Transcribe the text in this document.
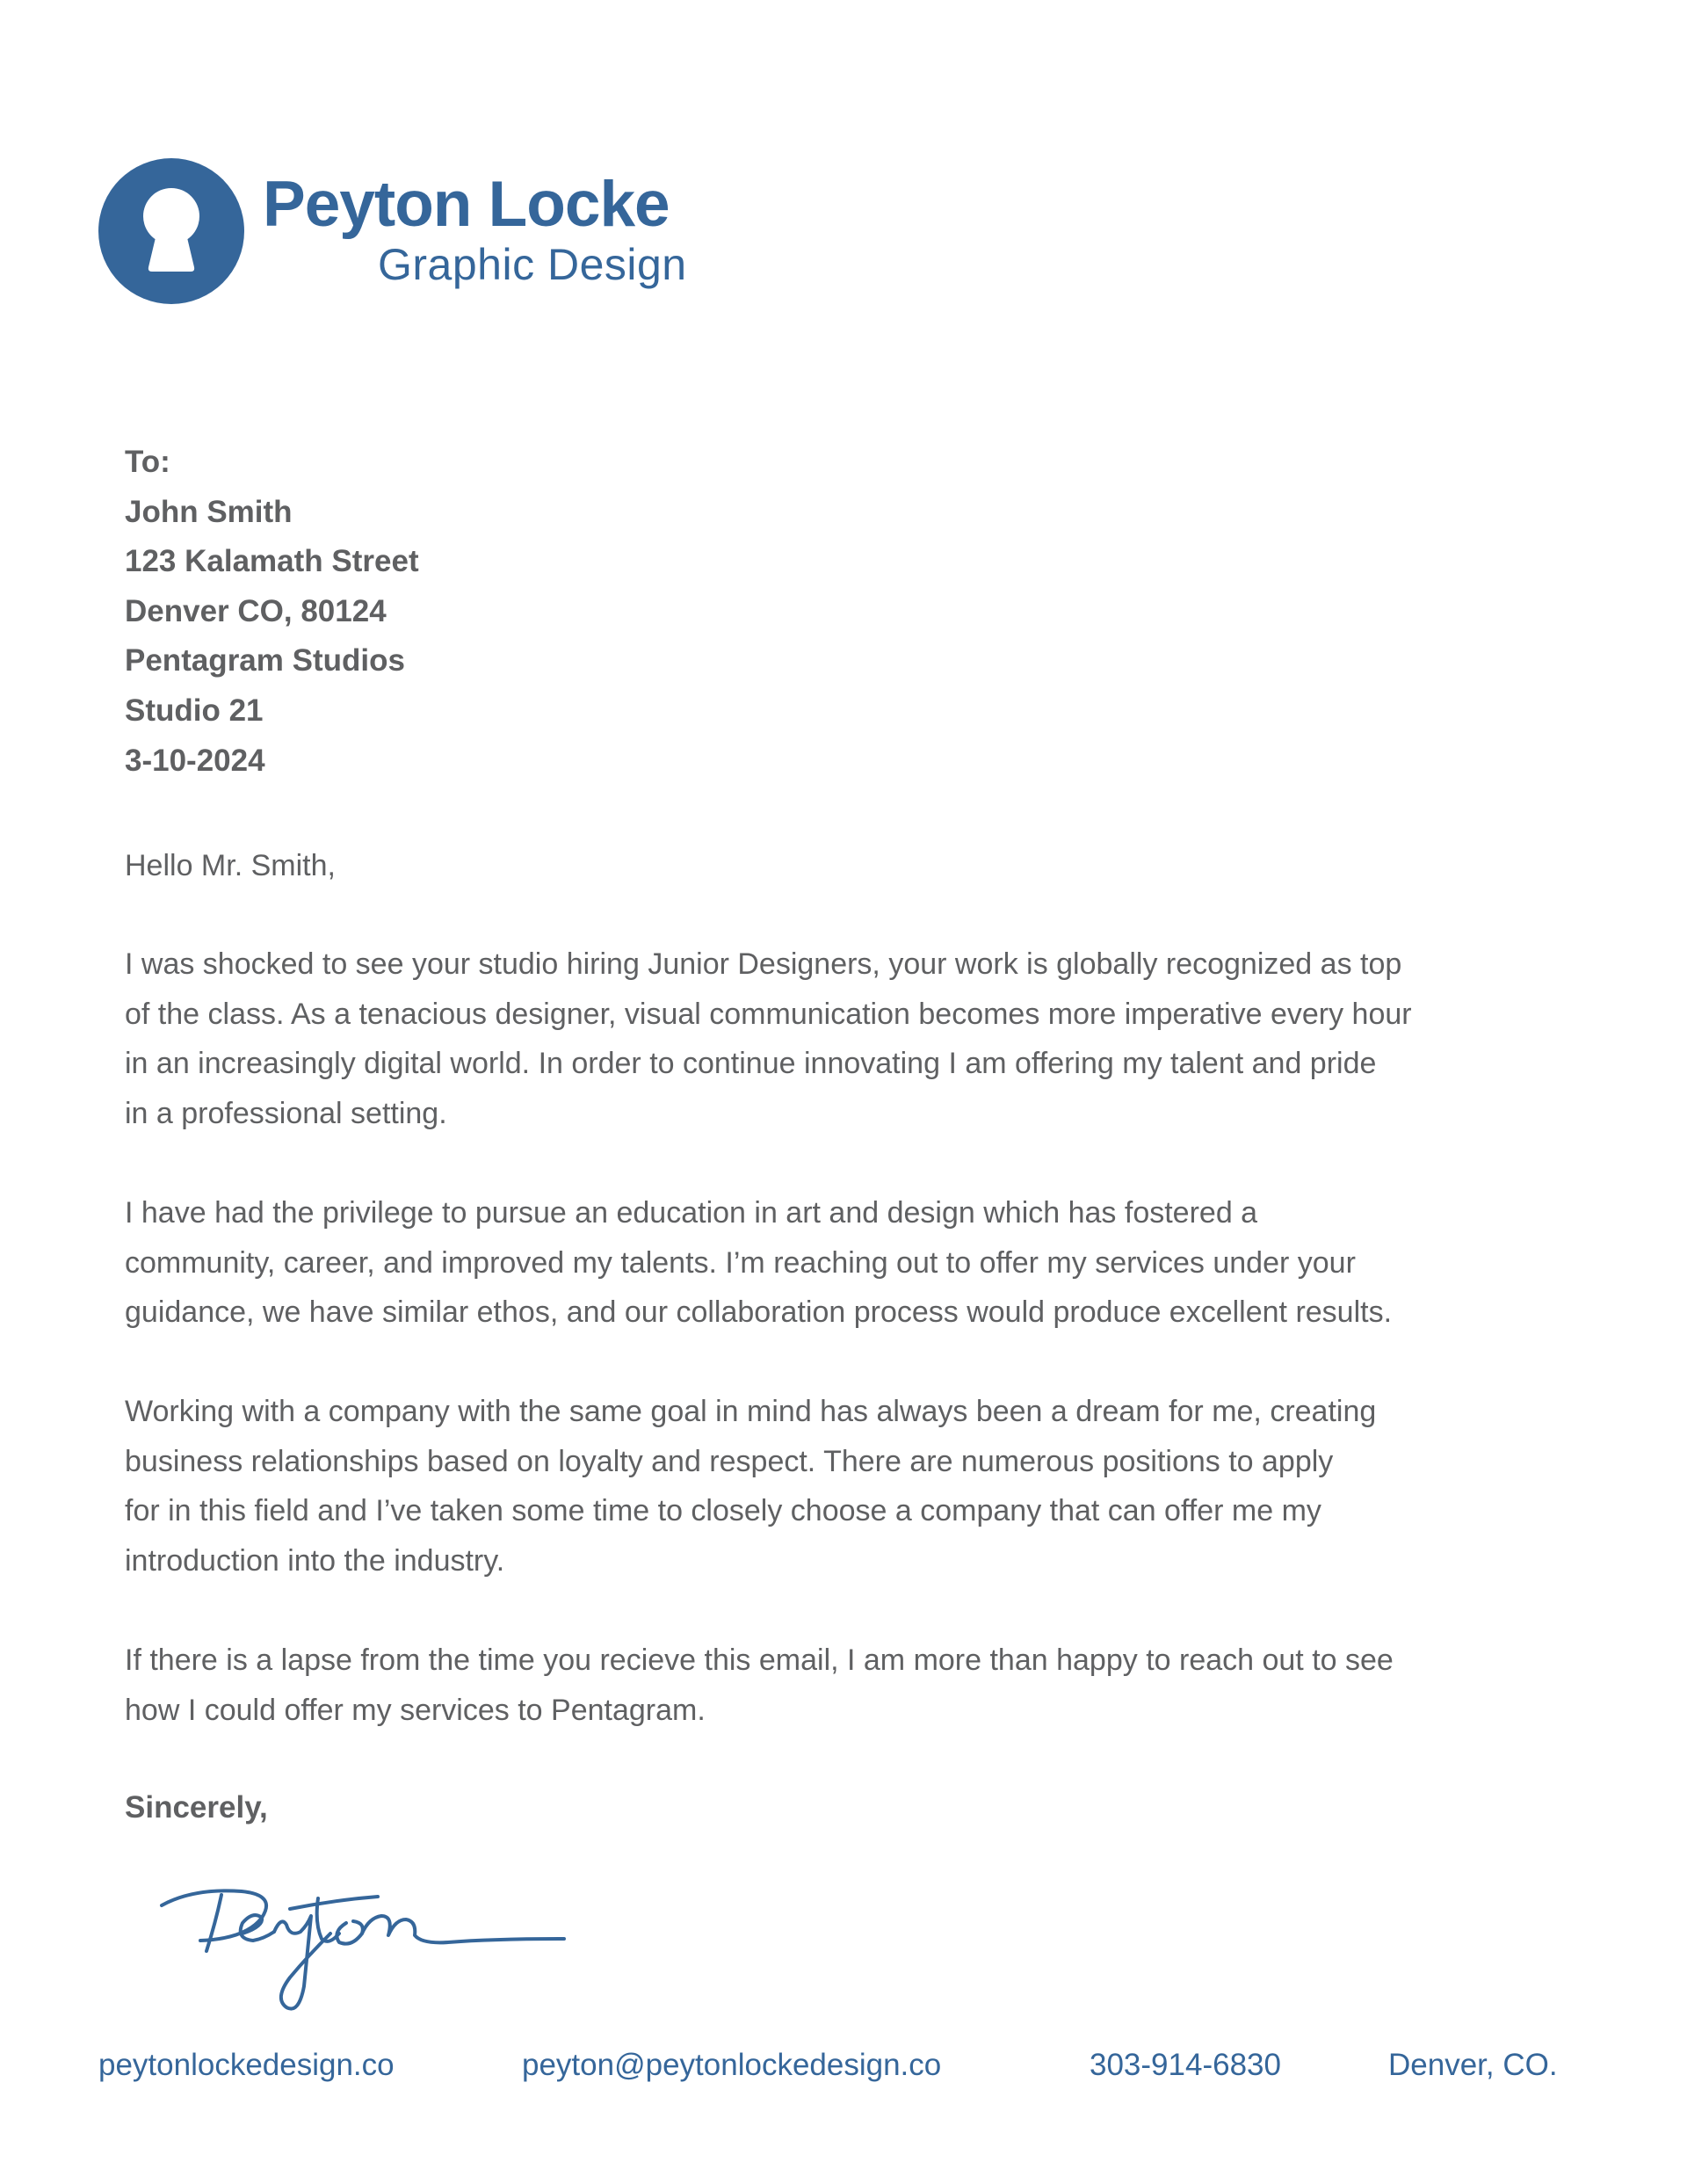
Peyton Locke
Graphic Design
To:
John Smith
123 Kalamath Street
Denver CO, 80124
Pentagram Studios
Studio 21
3-10-2024
Hello Mr. Smith,
I was shocked to see your studio hiring Junior Designers, your work is globally recognized as top
of the class. As a tenacious designer, visual communication becomes more imperative every hour
in an increasingly digital world. In order to continue innovating I am offering my talent and pride
in a professional setting.
I have had the privilege to pursue an education in art and design which has fostered a
community, career, and improved my talents. I’m reaching out to offer my services under your
guidance, we have similar ethos, and our collaboration process would produce excellent results.
Working with a company with the same goal in mind has always been a dream for me, creating
business relationships based on loyalty and respect. There are numerous positions to apply
for in this field and I’ve taken some time to closely choose a company that can offer me my
introduction into the industry.
If there is a lapse from the time you recieve this email, I am more than happy to reach out to see
how I could offer my services to Pentagram.
Sincerely,
peytonlockedesign.co	peyton@peytonlockedesign.co	303-914-6830	Denver, CO.
